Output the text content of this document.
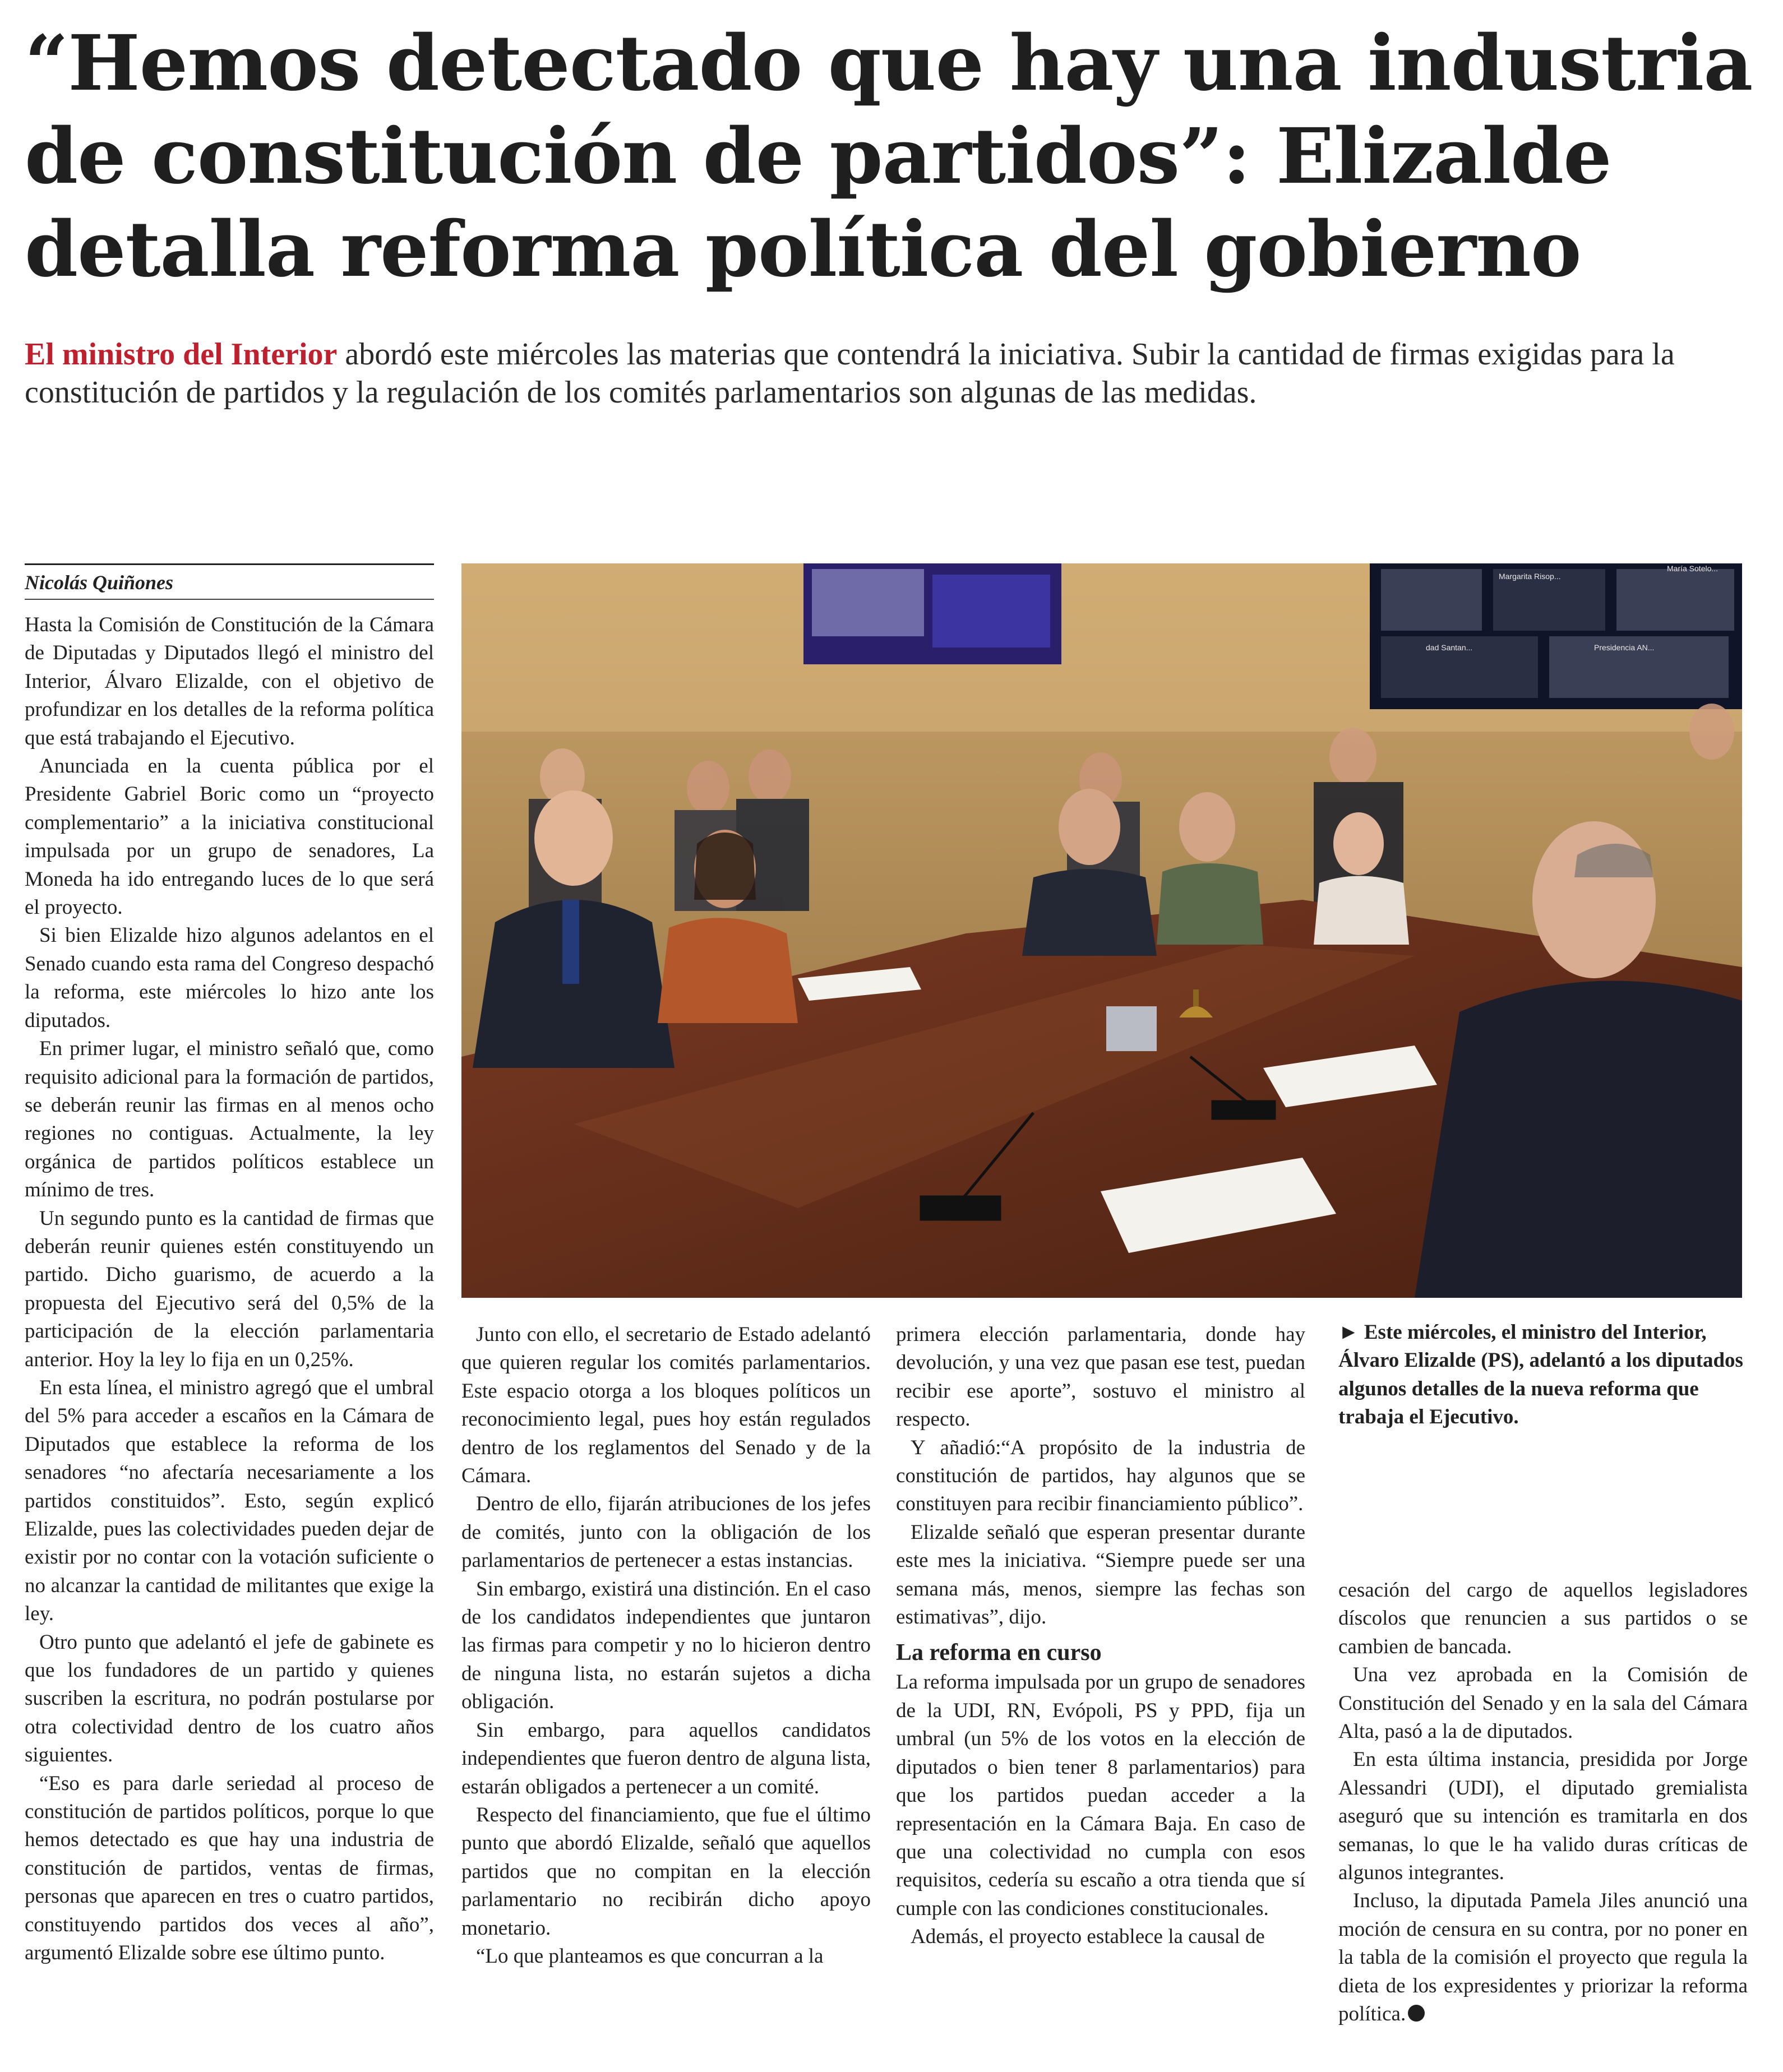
“Hemos detectado que hay una industria de constitución de partidos”: Elizalde detalla reforma política del gobierno

El ministro del Interior abordó este miércoles las materias que contendrá la iniciativa. Subir la cantidad de firmas exigidas para la constitución de partidos y la regulación de los comités parlamentarios son algunas de las medidas.

Nicolás Quiñones

Hasta la Comisión de Constitución de la Cámara de Diputadas y Diputados llegó el ministro del Interior, Álvaro Elizalde, con el objetivo de profundizar en los detalles de la reforma política que está trabajando el Ejecutivo.

Anunciada en la cuenta pública por el Presidente Gabriel Boric como un “proyecto complementario” a la iniciativa constitucional impulsada por un grupo de senadores, La Moneda ha ido entregando luces de lo que será el proyecto.

Si bien Elizalde hizo algunos adelantos en el Senado cuando esta rama del Congreso despachó la reforma, este miércoles lo hizo ante los diputados.

En primer lugar, el ministro señaló que, como requisito adicional para la formación de partidos, se deberán reunir las firmas en al menos ocho regiones no contiguas. Actualmente, la ley orgánica de partidos políticos establece un mínimo de tres.

Un segundo punto es la cantidad de firmas que deberán reunir quienes estén constituyendo un partido. Dicho guarismo, de acuerdo a la propuesta del Ejecutivo será del 0,5% de la participación de la elección parlamentaria anterior. Hoy la ley lo fija en un 0,25%.

En esta línea, el ministro agregó que el umbral del 5% para acceder a escaños en la Cámara de Diputados que establece la reforma de los senadores “no afectaría necesariamente a los partidos constituidos”. Esto, según explicó Elizalde, pues las colectividades pueden dejar de existir por no contar con la votación suficiente o no alcanzar la cantidad de militantes que exige la ley.

Otro punto que adelantó el jefe de gabinete es que los fundadores de un partido y quienes suscriben la escritura, no podrán postularse por otra colectividad dentro de los cuatro años siguientes.

“Eso es para darle seriedad al proceso de constitución de partidos políticos, porque lo que hemos detectado es que hay una industria de constitución de partidos, ventas de firmas, personas que aparecen en tres o cuatro partidos, constituyendo partidos dos veces al año”, argumentó Elizalde sobre ese último punto.

Margarita Risop...
María Sotelo...
dad Santan...	Presidencia AN...

Junto con ello, el secretario de Estado adelantó que quieren regular los comités parlamentarios. Este espacio otorga a los bloques políticos un reconocimiento legal, pues hoy están regulados dentro de los reglamentos del Senado y de la Cámara.

Dentro de ello, fijarán atribuciones de los jefes de comités, junto con la obligación de los parlamentarios de pertenecer a estas instancias.

Sin embargo, existirá una distinción. En el caso de los candidatos independientes que juntaron las firmas para competir y no lo hicieron dentro de ninguna lista, no estarán sujetos a dicha obligación.

Sin embargo, para aquellos candidatos independientes que fueron dentro de alguna lista, estarán obligados a pertenecer a un comité.

Respecto del financiamiento, que fue el último punto que abordó Elizalde, señaló que aquellos partidos que no compitan en la elección parlamentario no recibirán dicho apoyo monetario.

“Lo que planteamos es que concurran a la

primera elección parlamentaria, donde hay devolución, y una vez que pasan ese test, puedan recibir ese aporte”, sostuvo el ministro al respecto.

Y añadió:“A propósito de la industria de constitución de partidos, hay algunos que se constituyen para recibir financiamiento público”.

Elizalde señaló que esperan presentar durante este mes la iniciativa. “Siempre puede ser una semana más, menos, siempre las fechas son estimativas”, dijo.

La reforma en curso

La reforma impulsada por un grupo de senadores de la UDI, RN, Evópoli, PS y PPD, fija un umbral (un 5% de los votos en la elección de diputados o bien tener 8 parlamentarios) para que los partidos puedan acceder a la representación en la Cámara Baja. En caso de que una colectividad no cumpla con esos requisitos, cedería su escaño a otra tienda que sí cumple con las condiciones constitucionales.

Además, el proyecto establece la causal de

► Este miércoles, el ministro del Interior, Álvaro Elizalde (PS), adelantó a los diputados algunos detalles de la nueva reforma que trabaja el Ejecutivo.

cesación del cargo de aquellos legisladores díscolos que renuncien a sus partidos o se cambien de bancada.

Una vez aprobada en la Comisión de Constitución del Senado y en la sala del Cámara Alta, pasó a la de diputados.

En esta última instancia, presidida por Jorge Alessandri (UDI), el diputado gremialista aseguró que su intención es tramitarla en dos semanas, lo que le ha valido duras críticas de algunos integrantes.

Incluso, la diputada Pamela Jiles anunció una moción de censura en su contra, por no poner en la tabla de la comisión el proyecto que regula la dieta de los expresidentes y priorizar la reforma política.
